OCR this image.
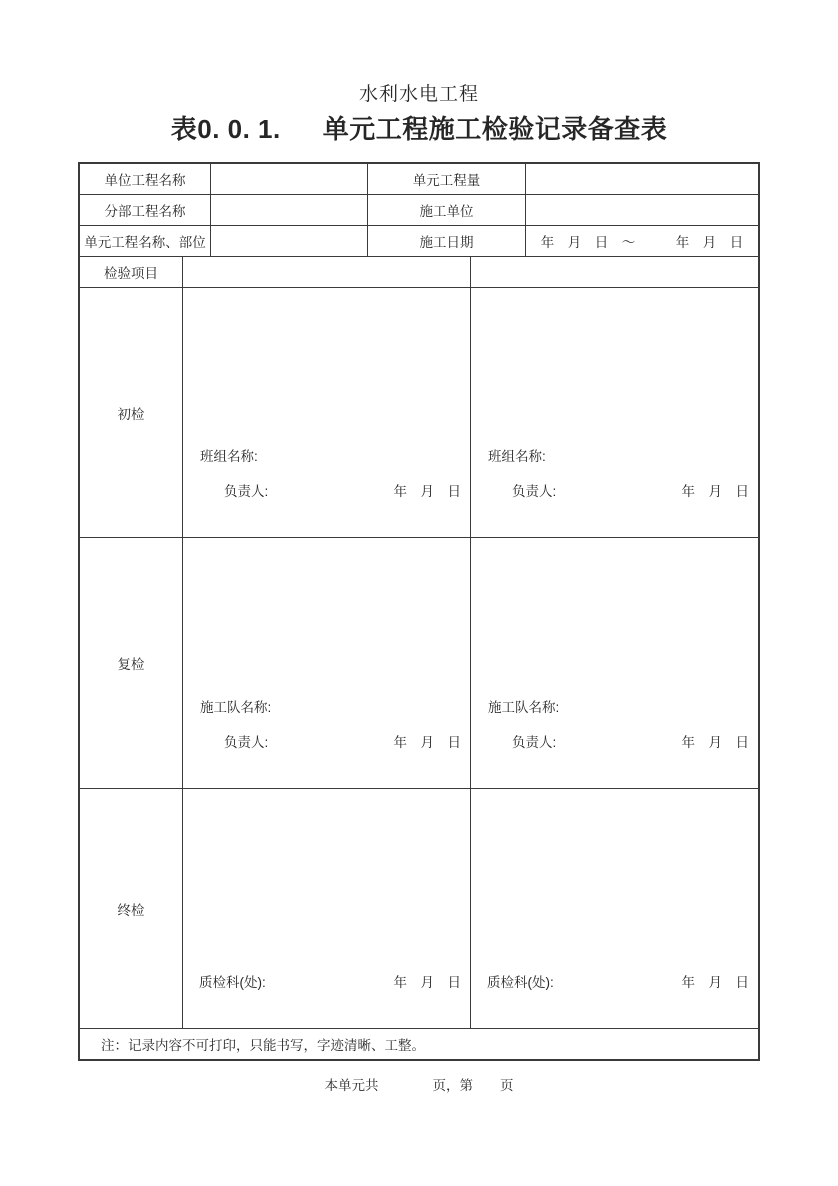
水利水电工程
表0. 0. 1. 单元工程施工检验记录备查表
单位工程名称	单元工程量
分部工程名称	施工单位
单元工程名称、部位	施工日期	年　月　日　～　　　年　月　日
检验项目
初检
班组名称:
负责人:	年　月　日
班组名称:
负责人:	年　月　日
复检
施工队名称:
负责人:	年　月　日
施工队名称:
负责人:	年　月　日
终检
质检科(处):	年　月　日 质检科(处):	年　月　日
注：记录内容不可打印，只能书写，字迹清晰、工整。
本单元共　　　　页，第　　页
